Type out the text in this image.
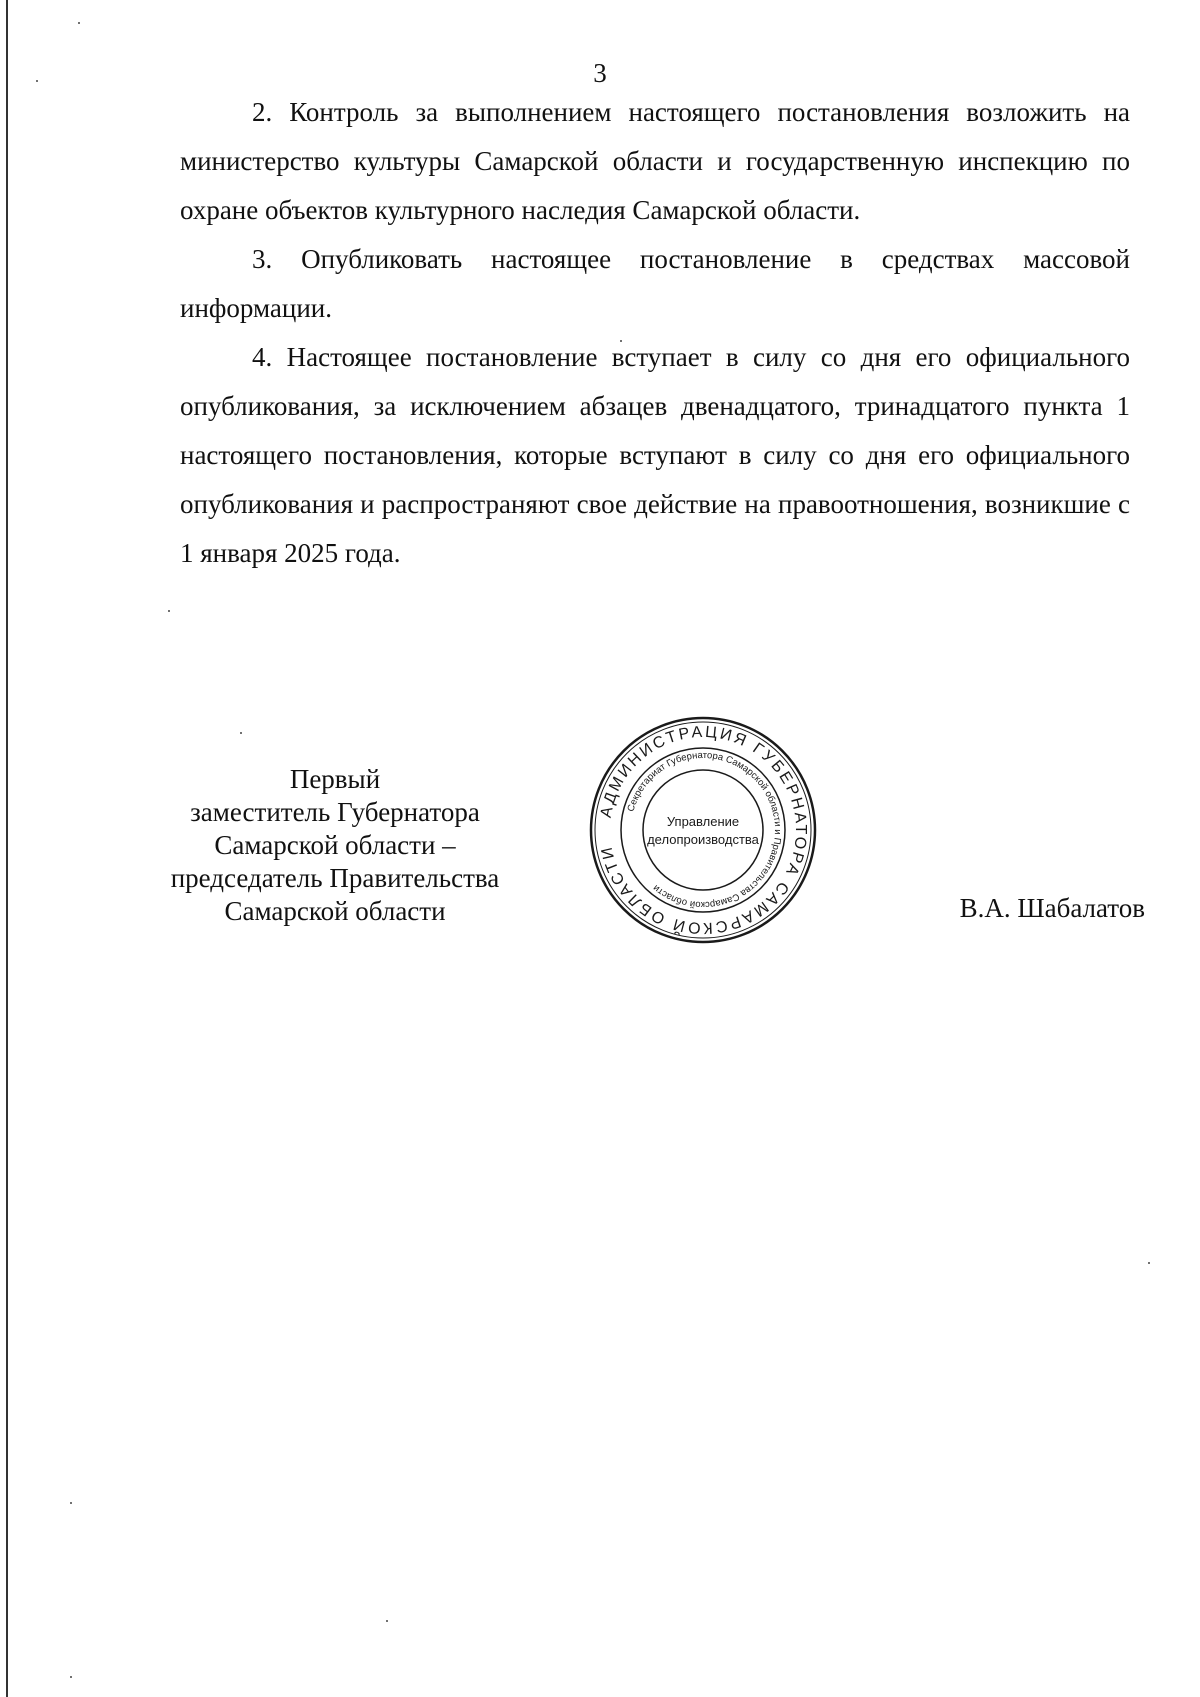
3

2. Контроль за выполнением настоящего постановления возложить на министерство культуры Самарской области и государственную инспекцию по охране объектов культурного наследия Самарской области.

3. Опубликовать настоящее постановление в средствах массовой информации.

4. Настоящее постановление вступает в силу со дня его официального опубликования, за исключением абзацев двенадцатого, тринадцатого пункта 1 настоящего постановления, которые вступают в силу со дня его официального опубликования и распространяют свое действие на правоотношения, возникшие с 1 января 2025 года.

Первый
заместитель Губернатора
Самарской области –
председатель Правительства
Самарской области
АДМИНИСТРАЦИЯ ГУБЕРНАТОРА САМАРСКОЙ ОБЛАСТИ
Секретариат Губернатора Самарской области и Правительства Самарской области
Управление
делопроизводства
В.А. Шабалатов
